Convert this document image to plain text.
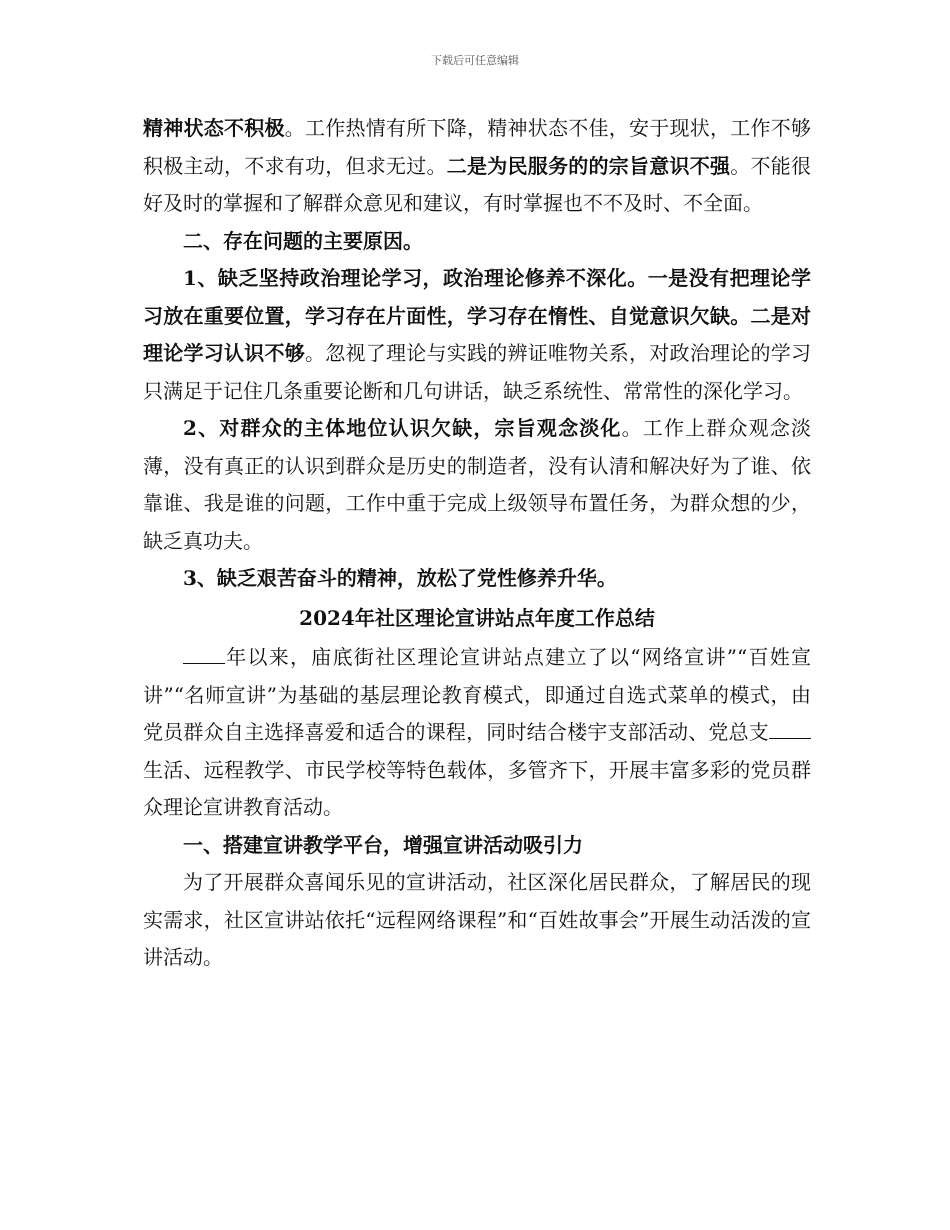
下载后可任意编辑

精神状态不积极。工作热情有所下降，精神状态不佳，安于现状，工作不够积极主动，不求有功，但求无过。二是为民服务的的宗旨意识不强。不能很好及时的掌握和了解群众意见和建议，有时掌握也不不及时、不全面。

二、存在问题的主要原因。

1、缺乏坚持政治理论学习，政治理论修养不深化。一是没有把理论学习放在重要位置，学习存在片面性，学习存在惰性、自觉意识欠缺。二是对理论学习认识不够。忽视了理论与实践的辨证唯物关系，对政治理论的学习只满足于记住几条重要论断和几句讲话，缺乏系统性、常常性的深化学习。

2、对群众的主体地位认识欠缺，宗旨观念淡化。工作上群众观念淡薄，没有真正的认识到群众是历史的制造者，没有认清和解决好为了谁、依靠谁、我是谁的问题，工作中重于完成上级领导布置任务，为群众想的少，缺乏真功夫。

3、缺乏艰苦奋斗的精神，放松了党性修养升华。

2024年社区理论宣讲站点年度工作总结

年以来，庙底街社区理论宣讲站点建立了以“网络宣讲”“百姓宣讲”“名师宣讲”为基础的基层理论教育模式，即通过自选式菜单的模式，由党员群众自主选择喜爱和适合的课程，同时结合楼宇支部活动、党总支生活、远程教学、市民学校等特色载体，多管齐下，开展丰富多彩的党员群众理论宣讲教育活动。

一、搭建宣讲教学平台，增强宣讲活动吸引力

为了开展群众喜闻乐见的宣讲活动，社区深化居民群众，了解居民的现实需求，社区宣讲站依托“远程网络课程”和“百姓故事会”开展生动活泼的宣讲活动。
